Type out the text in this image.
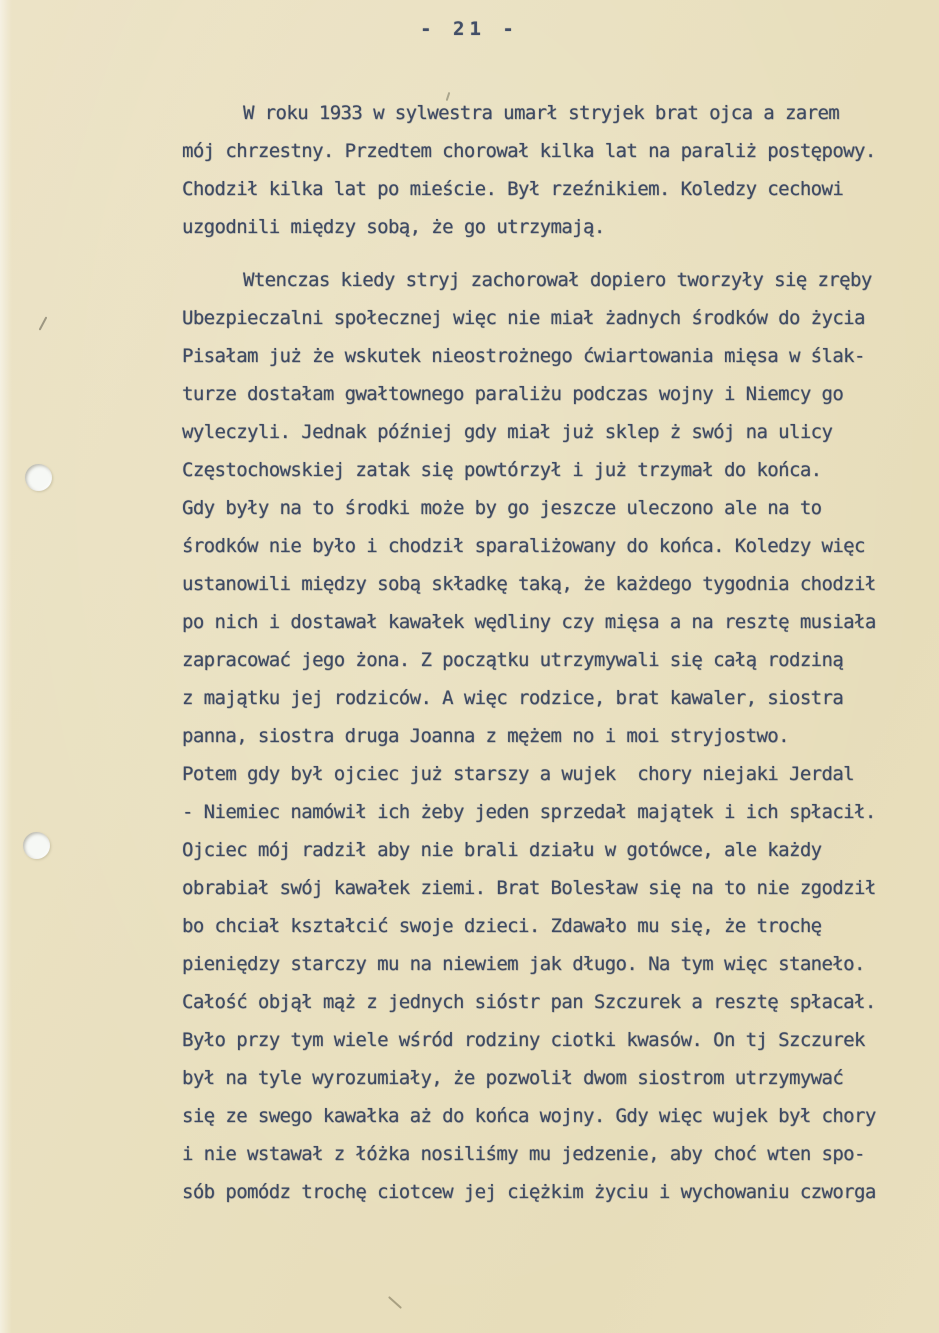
- 21 -
W roku 1933 w sylwestra umarł stryjek brat ojca a zarem
mój chrzestny. Przedtem chorował kilka lat na paraliż postępowy.
Chodził kilka lat po mieście. Był rzeźnikiem. Koledzy cechowi
uzgodnili między sobą, że go utrzymają.
Wtenczas kiedy stryj zachorował dopiero tworzyły się zręby
Ubezpieczalni społecznej więc nie miał żadnych środków do życia
Pisałam już że wskutek nieostrożnego ćwiartowania mięsa w ślak-
turze dostałam gwałtownego paraliżu podczas wojny i Niemcy go
wyleczyli. Jednak później gdy miał już sklep ż swój na ulicy
Częstochowskiej zatak się powtórzył i już trzymał do końca.
Gdy były na to środki może by go jeszcze uleczono ale na to
środków nie było i chodził sparaliżowany do końca. Koledzy więc
ustanowili między sobą składkę taką, że każdego tygodnia chodził
po nich i dostawał kawałek wędliny czy mięsa a na resztę musiała
zapracować jego żona. Z początku utrzymywali się całą rodziną
z majątku jej rodziców. A więc rodzice, brat kawaler, siostra
panna, siostra druga Joanna z mężem no i moi stryjostwo.
Potem gdy był ojciec już starszy a wujek  chory niejaki Jerdal
- Niemiec namówił ich żeby jeden sprzedał majątek i ich spłacił.
Ojciec mój radził aby nie brali działu w gotówce, ale każdy
obrabiał swój kawałek ziemi. Brat Bolesław się na to nie zgodził
bo chciał kształcić swoje dzieci. Zdawało mu się, że trochę
pieniędzy starczy mu na niewiem jak długo. Na tym więc staneło.
Całość objął mąż z jednych sióstr pan Szczurek a resztę spłacał.
Było przy tym wiele wśród rodziny ciotki kwasów. On tj Szczurek
był na tyle wyrozumiały, że pozwolił dwom siostrom utrzymywać
się ze swego kawałka aż do końca wojny. Gdy więc wujek był chory
i nie wstawał z łóżka nosiliśmy mu jedzenie, aby choć wten spo-
sób pomódz trochę ciotcew jej ciężkim życiu i wychowaniu czworga
